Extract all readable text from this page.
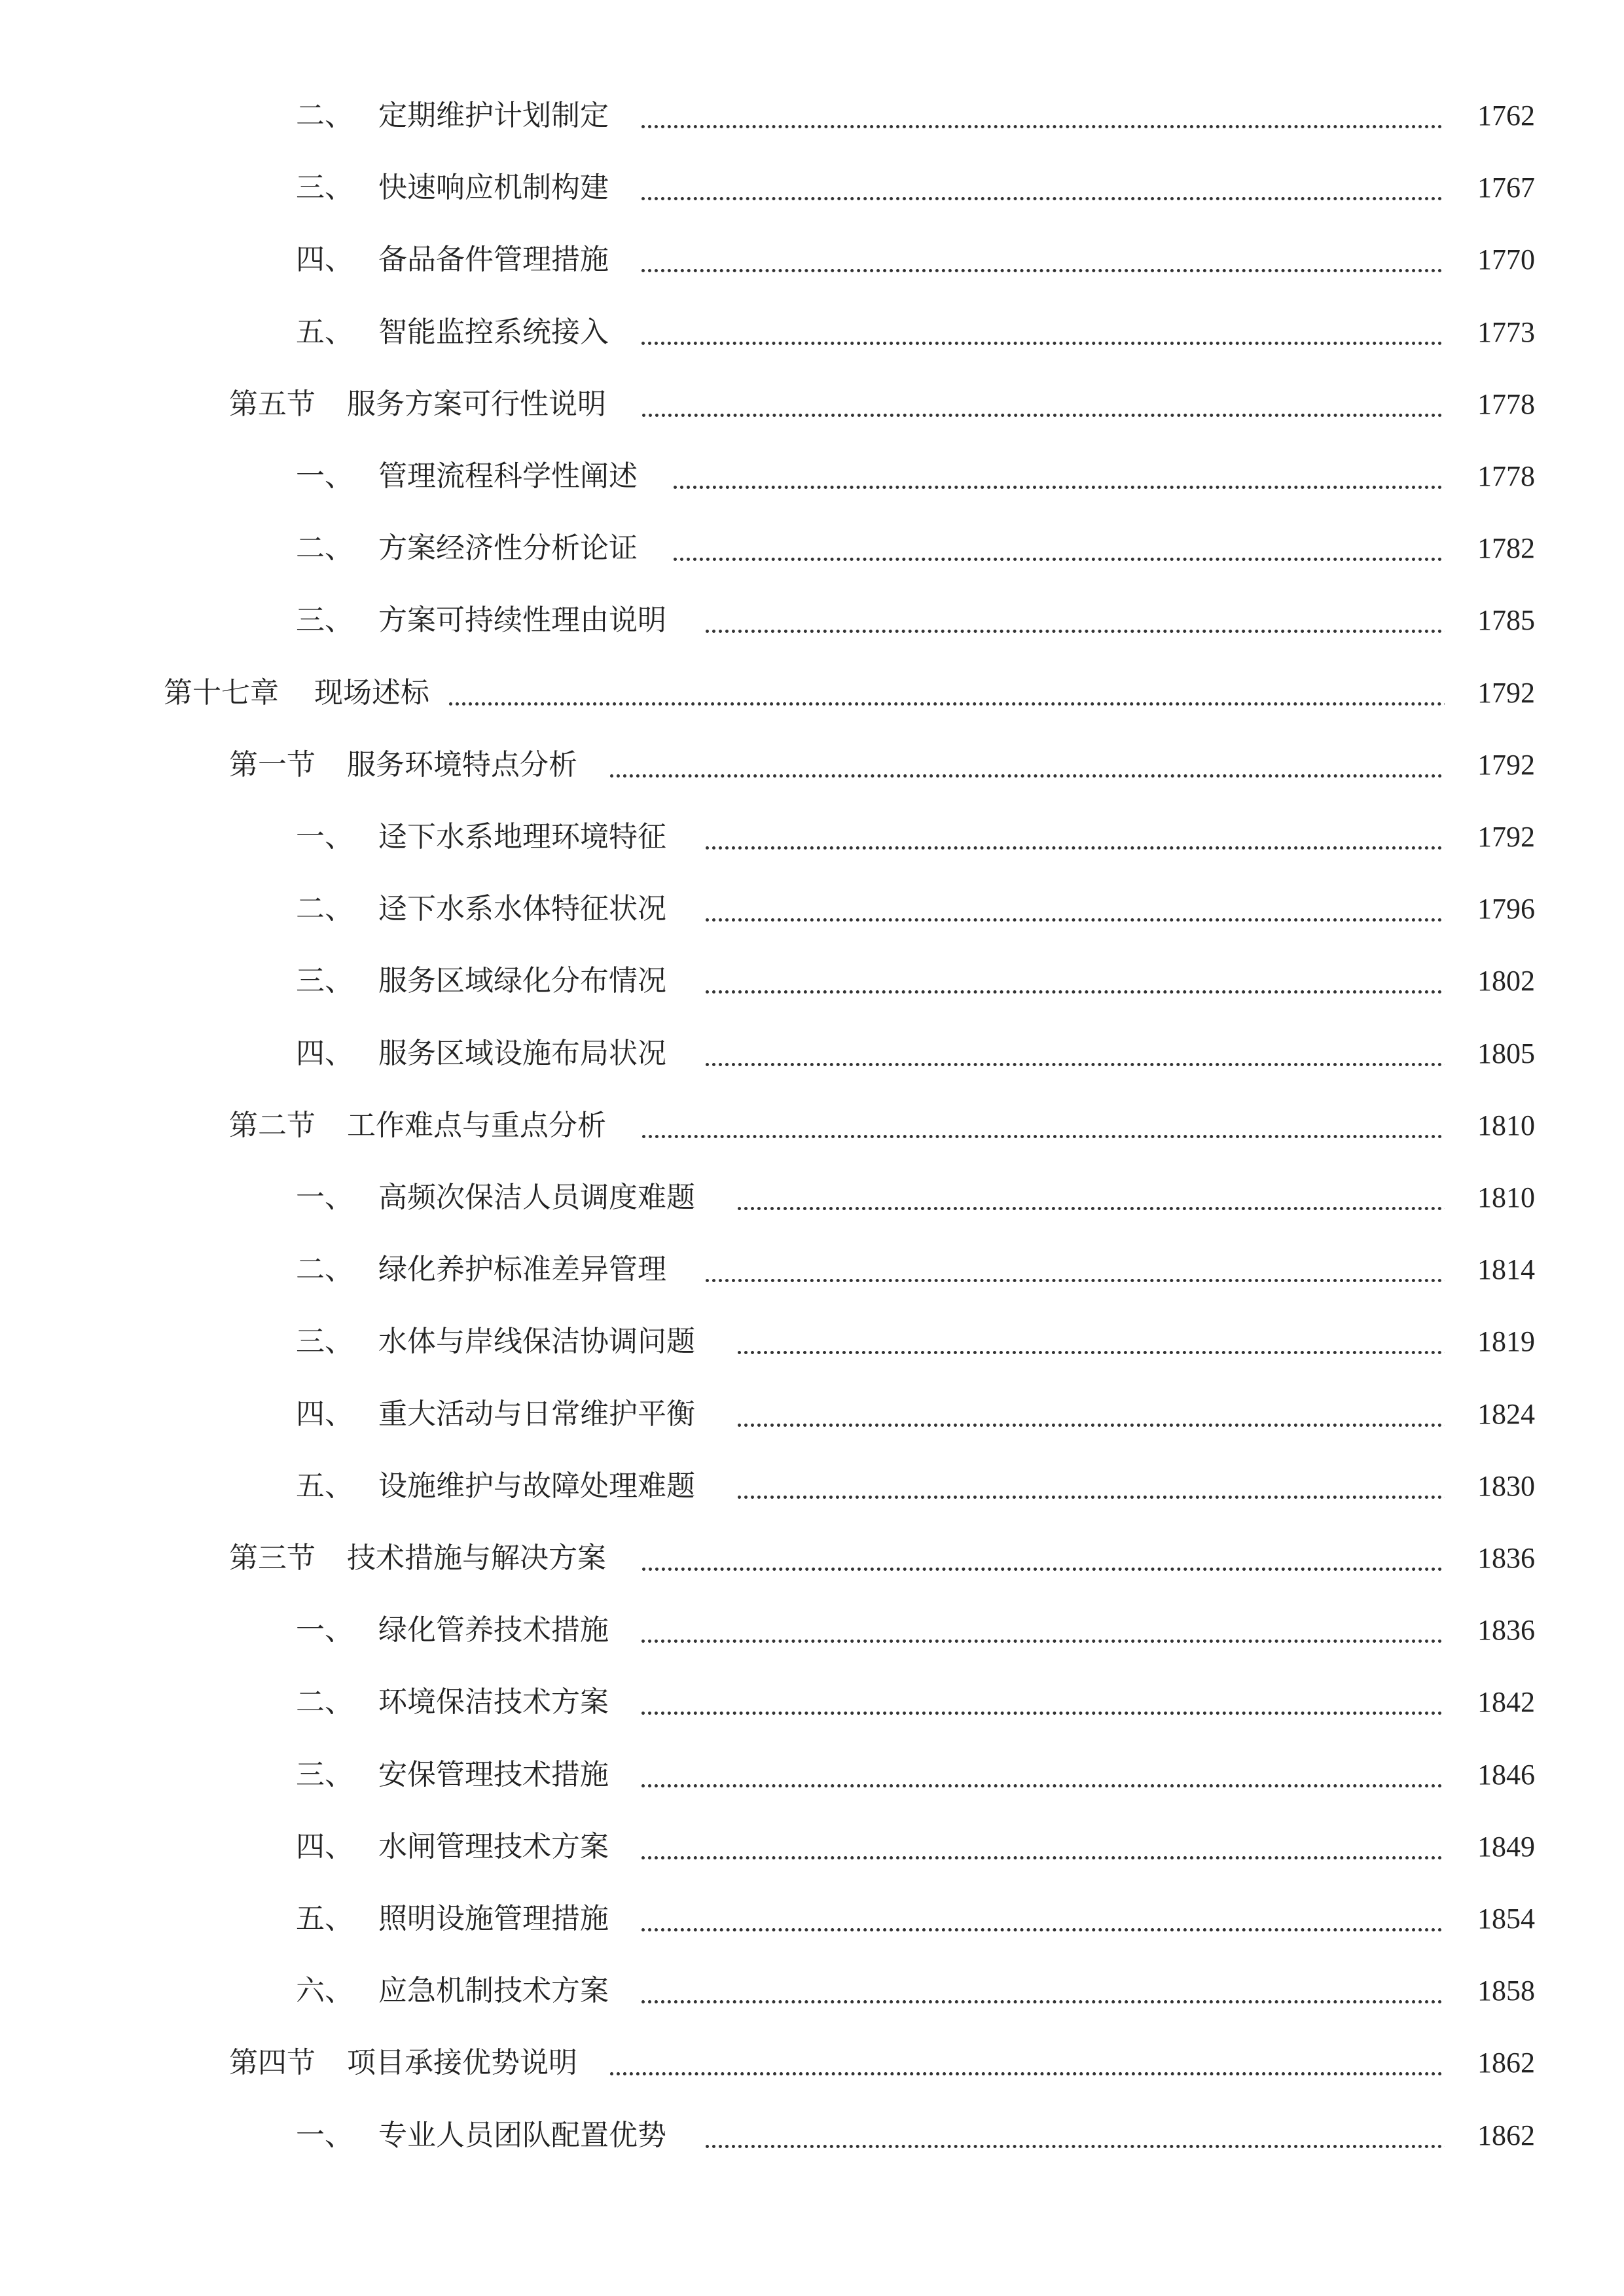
二、 定期维护计划制定	1762
三、 快速响应机制构建	1767
四、 备品备件管理措施	1770
五、 智能监控系统接入	1773
第五节 服务方案可行性说明	1778
一、 管理流程科学性阐述	1778
二、 方案经济性分析论证	1782
三、 方案可持续性理由说明	1785
第十七章 现场述标	1792
第一节 服务环境特点分析	1792
一、 迳下水系地理环境特征	1792
二、 迳下水系水体特征状况	1796
三、 服务区域绿化分布情况	1802
四、 服务区域设施布局状况	1805
第二节 工作难点与重点分析	1810
一、 高频次保洁人员调度难题	1810
二、 绿化养护标准差异管理	1814
三、 水体与岸线保洁协调问题	1819
四、 重大活动与日常维护平衡	1824
五、 设施维护与故障处理难题	1830
第三节 技术措施与解决方案	1836
一、 绿化管养技术措施	1836
二、 环境保洁技术方案	1842
三、 安保管理技术措施	1846
四、 水闸管理技术方案	1849
五、 照明设施管理措施	1854
六、 应急机制技术方案	1858
第四节 项目承接优势说明	1862
一、 专业人员团队配置优势	1862
